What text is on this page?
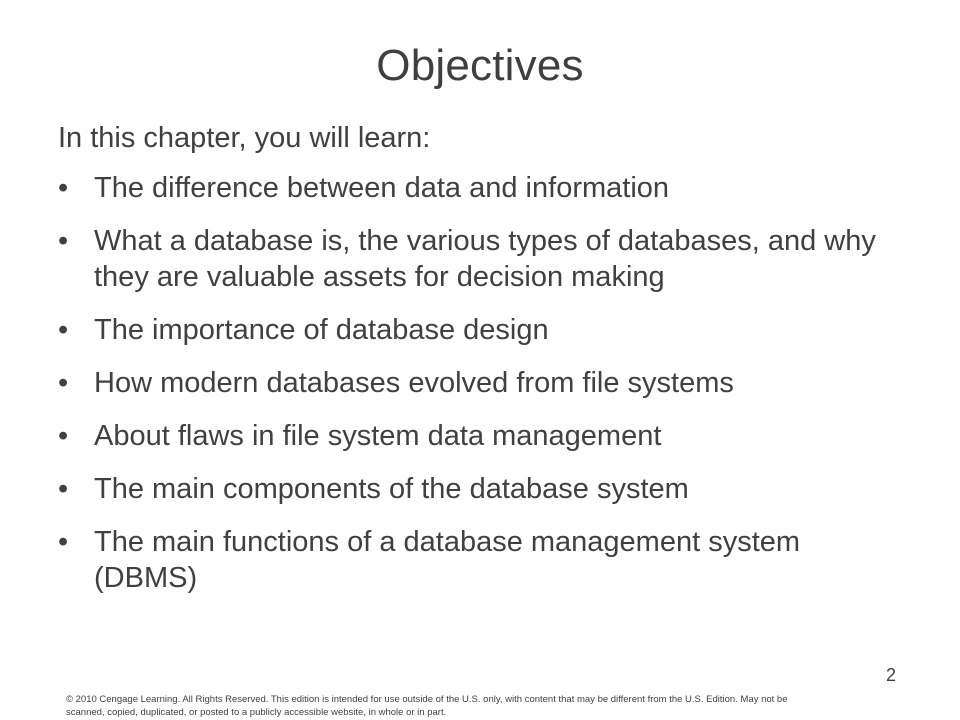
Objectives
In this chapter, you will learn:
• The difference between data and information
• What a database is, the various types of databases, and why they are valuable assets for decision making
• The importance of database design
• How modern databases evolved from file systems
• About flaws in file system data management
• The main components of the database system
• The main functions of a database management system (DBMS)
2
© 2010 Cengage Learning. All Rights Reserved. This edition is intended for use outside of the U.S. only, with content that may be different from the U.S. Edition. May not be scanned, copied, duplicated, or posted to a publicly accessible website, in whole or in part.
